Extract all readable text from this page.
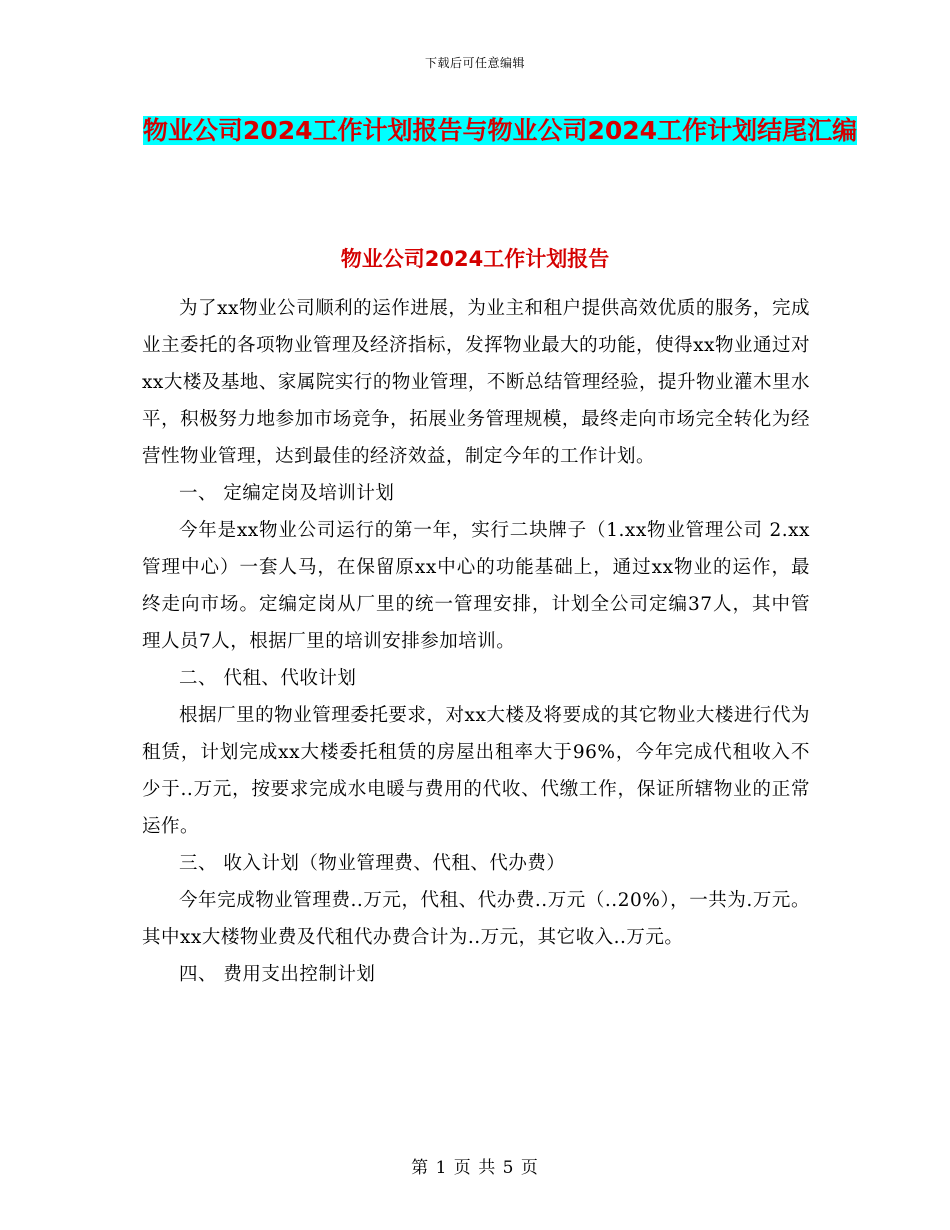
下载后可任意编辑
物业公司2024工作计划报告与物业公司2024工作计划结尾汇编
物业公司2024工作计划报告

为了xx物业公司顺利的运作进展，为业主和租户提供高效优质的服务，完成业主委托的各项物业管理及经济指标，发挥物业最大的功能，使得xx物业通过对xx大楼及基地、家属院实行的物业管理，不断总结管理经验，提升物业灌木里水平，积极努力地参加市场竞争，拓展业务管理规模，最终走向市场完全转化为经营性物业管理，达到最佳的经济效益，制定今年的工作计划。

一、 定编定岗及培训计划

今年是xx物业公司运行的第一年，实行二块牌子（1.xx物业管理公司 2.xx管理中心）一套人马，在保留原xx中心的功能基础上，通过xx物业的运作，最终走向市场。定编定岗从厂里的统一管理安排，计划全公司定编37人，其中管理人员7人，根据厂里的培训安排参加培训。

二、 代租、代收计划

根据厂里的物业管理委托要求，对xx大楼及将要成的其它物业大楼进行代为租赁，计划完成xx大楼委托租赁的房屋出租率大于96%，今年完成代租收入不少于..万元，按要求完成水电暖与费用的代收、代缴工作，保证所辖物业的正常运作。

三、 收入计划（物业管理费、代租、代办费）

今年完成物业管理费..万元，代租、代办费..万元（..20%），一共为.万元。其中xx大楼物业费及代租代办费合计为..万元，其它收入..万元。

四、 费用支出控制计划

第 1 页 共 5 页
